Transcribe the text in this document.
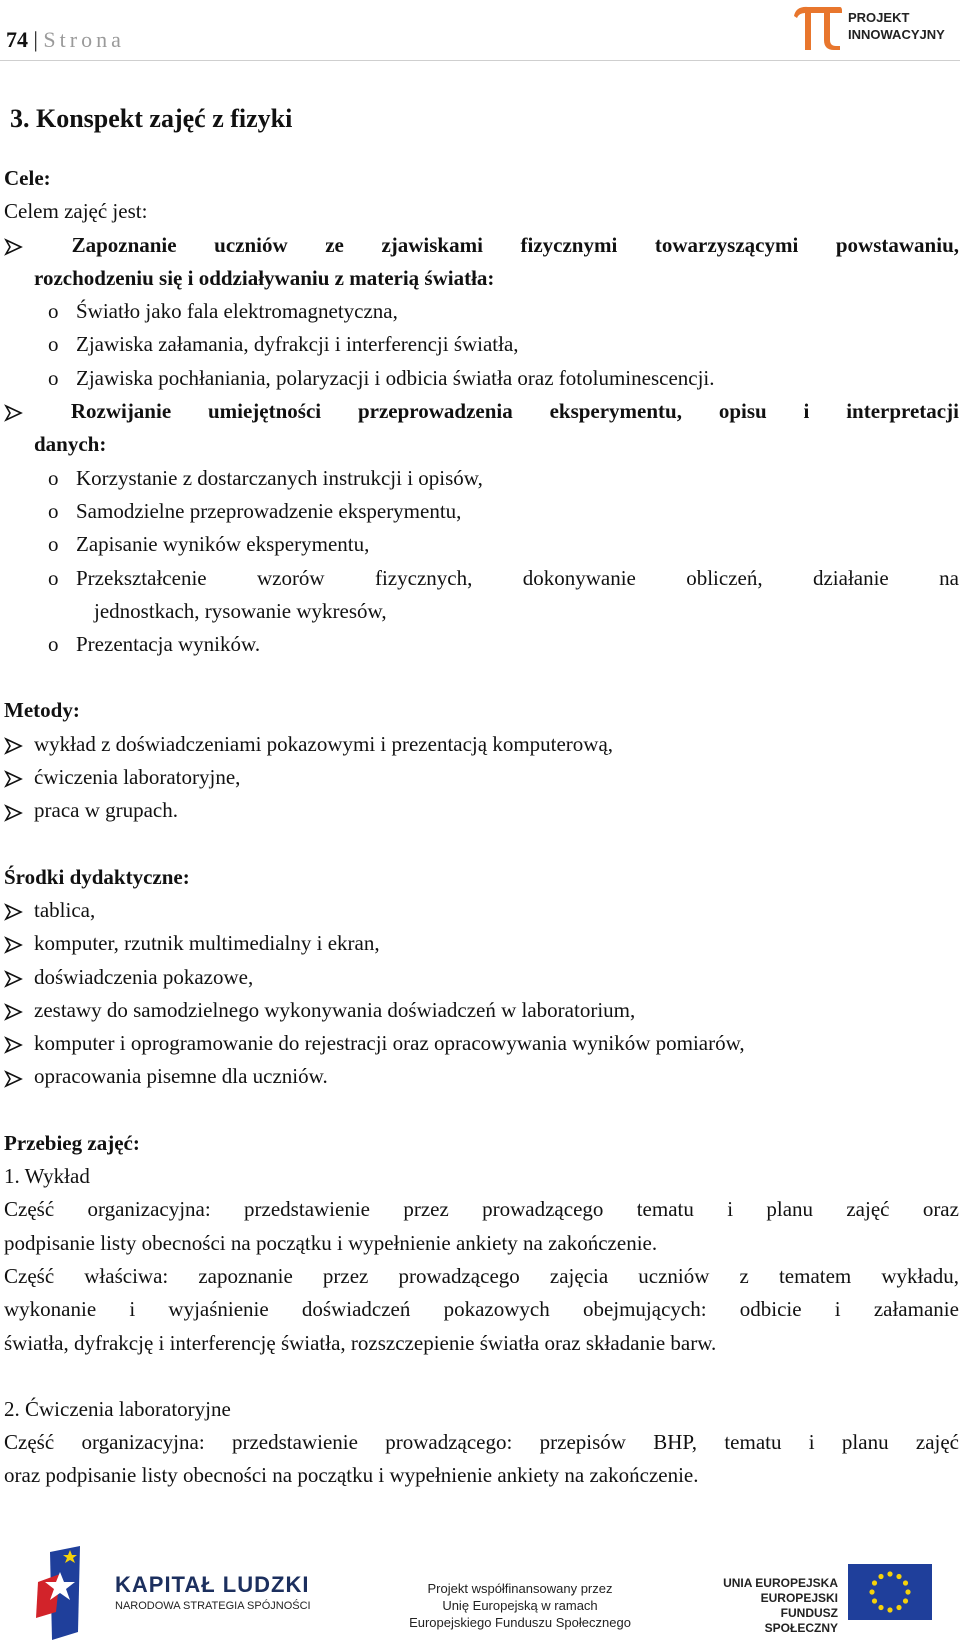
74 | Strona
PROJEKT
INNOWACYJNY
3. Konspekt zajęć z fizyki
Cele:
Celem zajęć jest:
Zapoznanie uczniów ze zjawiskami fizycznymi towarzyszącymi powstawaniu,
rozchodzeniu się i oddziaływaniu z materią światła:
o Światło jako fala elektromagnetyczna,
o Zjawiska załamania, dyfrakcji i interferencji światła,
o Zjawiska pochłaniania, polaryzacji i odbicia światła oraz fotoluminescencji.
Rozwijanie umiejętności przeprowadzenia eksperymentu, opisu i interpretacji
danych:
o Korzystanie z dostarczanych instrukcji i opisów,
o Samodzielne przeprowadzenie eksperymentu,
o Zapisanie wyników eksperymentu,
o Przekształcenie wzorów fizycznych, dokonywanie obliczeń, działanie na
jednostkach, rysowanie wykresów,
o Prezentacja wyników.
Metody:
wykład z doświadczeniami pokazowymi i prezentacją komputerową,
ćwiczenia laboratoryjne,
praca w grupach.
Środki dydaktyczne:
tablica,
komputer, rzutnik multimedialny i ekran,
doświadczenia pokazowe,
zestawy do samodzielnego wykonywania doświadczeń w laboratorium,
komputer i oprogramowanie do rejestracji oraz opracowywania wyników pomiarów,
opracowania pisemne dla uczniów.
Przebieg zajęć:
1. Wykład
Część organizacyjna: przedstawienie przez prowadzącego tematu i planu zajęć oraz
podpisanie listy obecności na początku i wypełnienie ankiety na zakończenie.
Część właściwa: zapoznanie przez prowadzącego zajęcia uczniów z tematem wykładu,
wykonanie i wyjaśnienie doświadczeń pokazowych obejmujących: odbicie i załamanie
światła, dyfrakcję i interferencję światła, rozszczepienie światła oraz składanie barw.
2. Ćwiczenia laboratoryjne
Część organizacyjna: przedstawienie prowadzącego: przepisów BHP, tematu i planu zajęć
oraz podpisanie listy obecności na początku i wypełnienie ankiety na zakończenie.
KAPITAŁ LUDZKI
NARODOWA STRATEGIA SPÓJNOŚCI
Projekt współfinansowany przez
Unię Europejską w ramach
Europejskiego Funduszu Społecznego
UNIA EUROPEJSKA
EUROPEJSKI
FUNDUSZ SPOŁECZNY
